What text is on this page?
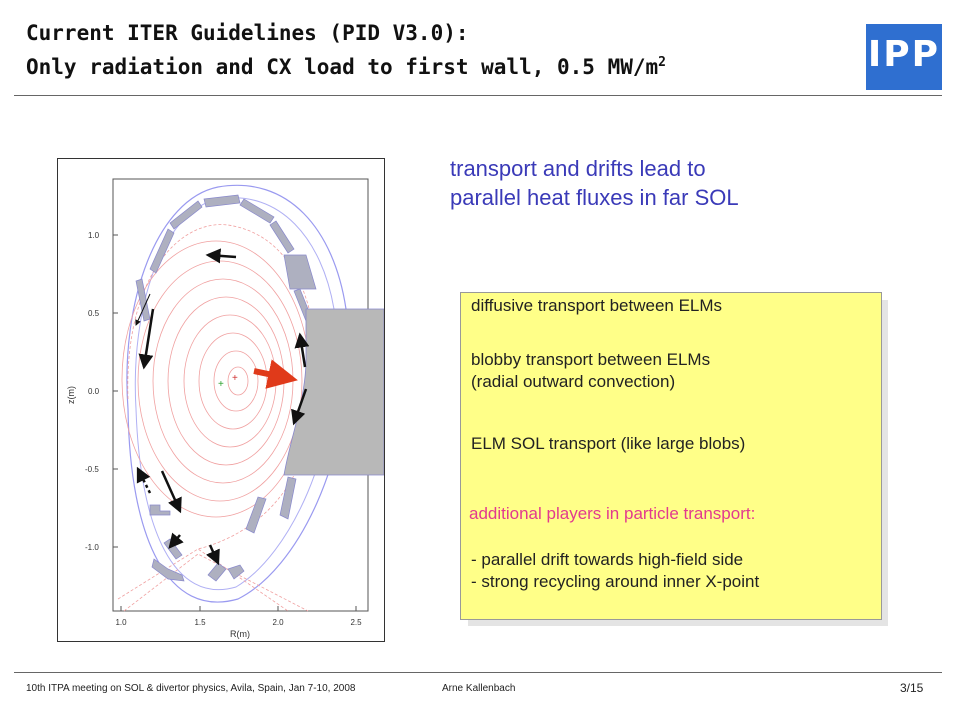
Current ITER Guidelines (PID V3.0):
Only radiation and CX load to first wall, 0.5 $MW/m^2$	IPP
1.0
0.5
0.0
-0.5
-1.0
1.0	1.5	2.0	2.5
R(m)
z(m)
+
+
transport and drifts lead to
parallel heat fluxes in far SOL
diffusive transport between ELMs
blobby transport between ELMs
(radial outward convection)
ELM SOL transport (like large blobs)
additional players in particle transport:
- parallel drift towards high-field side
- strong recycling around inner X-point
10th ITPA meeting on SOL & divertor physics, Avila, Spain, Jan 7-10, 2008	Arne Kallenbach	3/15
